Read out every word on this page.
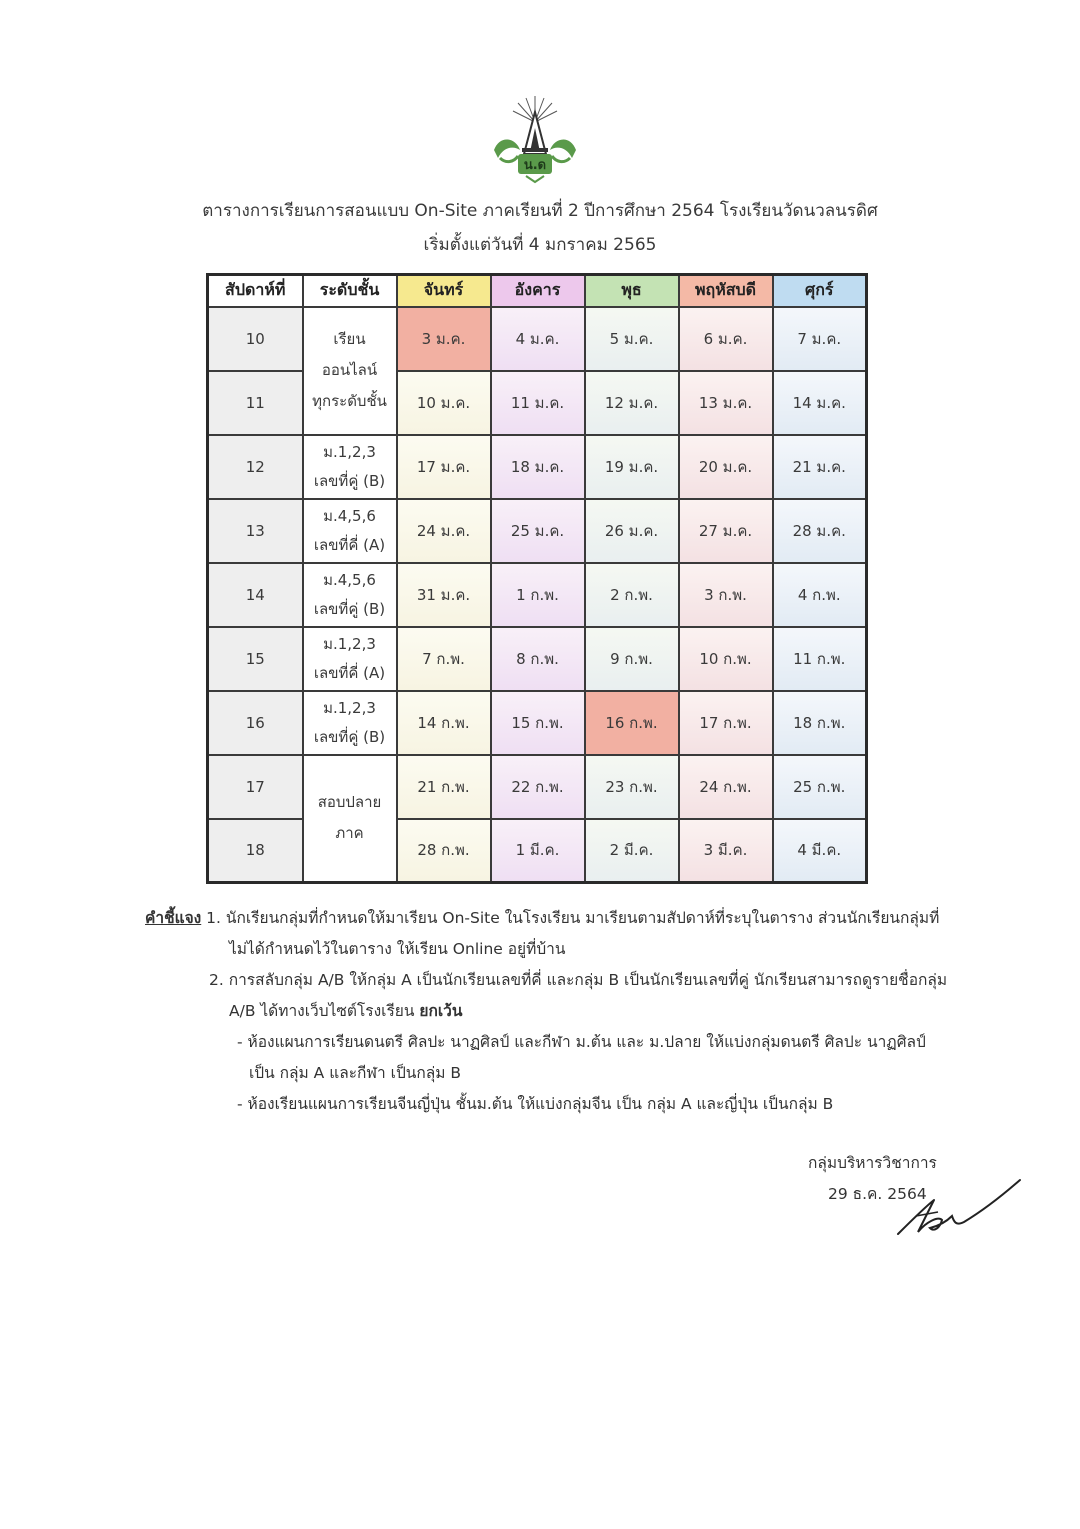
น.ด
ตารางการเรียนการสอนแบบ On-Site ภาคเรียนที่ 2 ปีการศึกษา 2564 โรงเรียนวัดนวลนรดิศ
เริ่มตั้งแต่วันที่ 4 มกราคม 2565
สัปดาห์ที่	ระดับชั้น	จันทร์	อังคาร	พุธ	พฤหัสบดี	ศุกร์
10	เรียน
ออนไลน์
ทุกระดับชั้น	3 ม.ค.	4 ม.ค.	5 ม.ค.	6 ม.ค.	7 ม.ค.
11		10 ม.ค.	11 ม.ค.	12 ม.ค.	13 ม.ค.	14 ม.ค.
12	ม.1,2,3
เลขที่คู่ (B)	17 ม.ค.	18 ม.ค.	19 ม.ค.	20 ม.ค.	21 ม.ค.
13	ม.4,5,6
เลขที่คี่ (A)	24 ม.ค.	25 ม.ค.	26 ม.ค.	27 ม.ค.	28 ม.ค.
14	ม.4,5,6
เลขที่คู่ (B)	31 ม.ค.	1 ก.พ.	2 ก.พ.	3 ก.พ.	4 ก.พ.
15	ม.1,2,3
เลขที่คี่ (A)	7 ก.พ.	8 ก.พ.	9 ก.พ.	10 ก.พ.	11 ก.พ.
16	ม.1,2,3
เลขที่คู่ (B)	14 ก.พ.	15 ก.พ.	16 ก.พ.	17 ก.พ.	18 ก.พ.
17	สอบปลาย
ภาค	21 ก.พ.	22 ก.พ.	23 ก.พ.	24 ก.พ.	25 ก.พ.
18		28 ก.พ.	1 มี.ค.	2 มี.ค.	3 มี.ค.	4 มี.ค.
คำชี้แจง 1. นักเรียนกลุ่มที่กำหนดให้มาเรียน On-Site ในโรงเรียน มาเรียนตามสัปดาห์ที่ระบุในตาราง ส่วนนักเรียนกลุ่มที่
ไม่ได้กำหนดไว้ในตาราง ให้เรียน Online อยู่ที่บ้าน
2. การสลับกลุ่ม A/B ให้กลุ่ม A เป็นนักเรียนเลขที่คี่ และกลุ่ม B เป็นนักเรียนเลขที่คู่ นักเรียนสามารถดูรายชื่อกลุ่ม
A/B ได้ทางเว็บไซต์โรงเรียน ยกเว้น
- ห้องแผนการเรียนดนตรี ศิลปะ นาฏศิลป์ และกีฬา ม.ต้น และ ม.ปลาย ให้แบ่งกลุ่มดนตรี ศิลปะ นาฏศิลป์
เป็น กลุ่ม A และกีฬา เป็นกลุ่ม B
- ห้องเรียนแผนการเรียนจีนญี่ปุ่น ชั้นม.ต้น ให้แบ่งกลุ่มจีน เป็น กลุ่ม A และญี่ปุ่น เป็นกลุ่ม B
กลุ่มบริหารวิชาการ
29 ธ.ค. 2564
